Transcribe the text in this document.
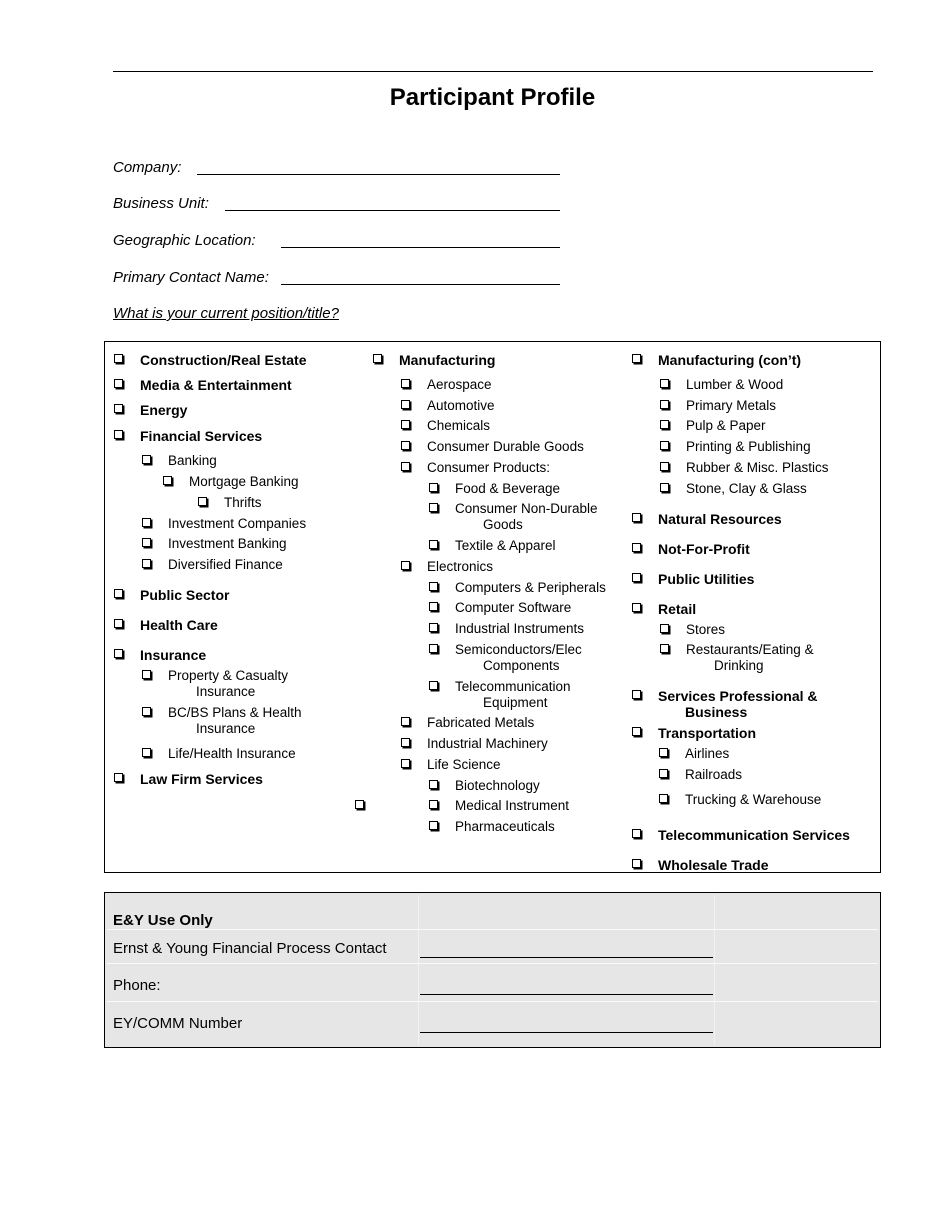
Participant Profile
Company:
Business Unit:
Geographic Location:
Primary Contact Name:
What is your current position/title?
Construction/Real Estate
Media & Entertainment
Energy
Financial Services
Banking
Mortgage Banking
Thrifts
Investment Companies
Investment Banking
Diversified Finance
Public Sector
Health Care
Insurance
Property & Casualty
Insurance
BC/BS Plans & Health
Insurance
Life/Health Insurance
Law Firm Services
Manufacturing
Aerospace
Automotive
Chemicals
Consumer Durable Goods
Consumer Products:
Food & Beverage
Consumer Non-Durable
Goods
Textile & Apparel
Electronics
Computers & Peripherals
Computer Software
Industrial Instruments
Semiconductors/Elec
Components
Telecommunication
Equipment
Fabricated Metals
Industrial Machinery
Life Science
Biotechnology
Medical Instrument
Pharmaceuticals
Manufacturing (con’t)
Lumber & Wood
Primary Metals
Pulp & Paper
Printing & Publishing
Rubber & Misc. Plastics
Stone, Clay & Glass
Natural Resources
Not-For-Profit
Public Utilities
Retail
Stores
Restaurants/Eating &
Drinking
Services Professional &
Business
Transportation
Airlines
Railroads
Trucking & Warehouse
Telecommunication Services
Wholesale Trade
E&Y Use Only
Ernst & Young Financial Process Contact
Phone:
EY/COMM Number
